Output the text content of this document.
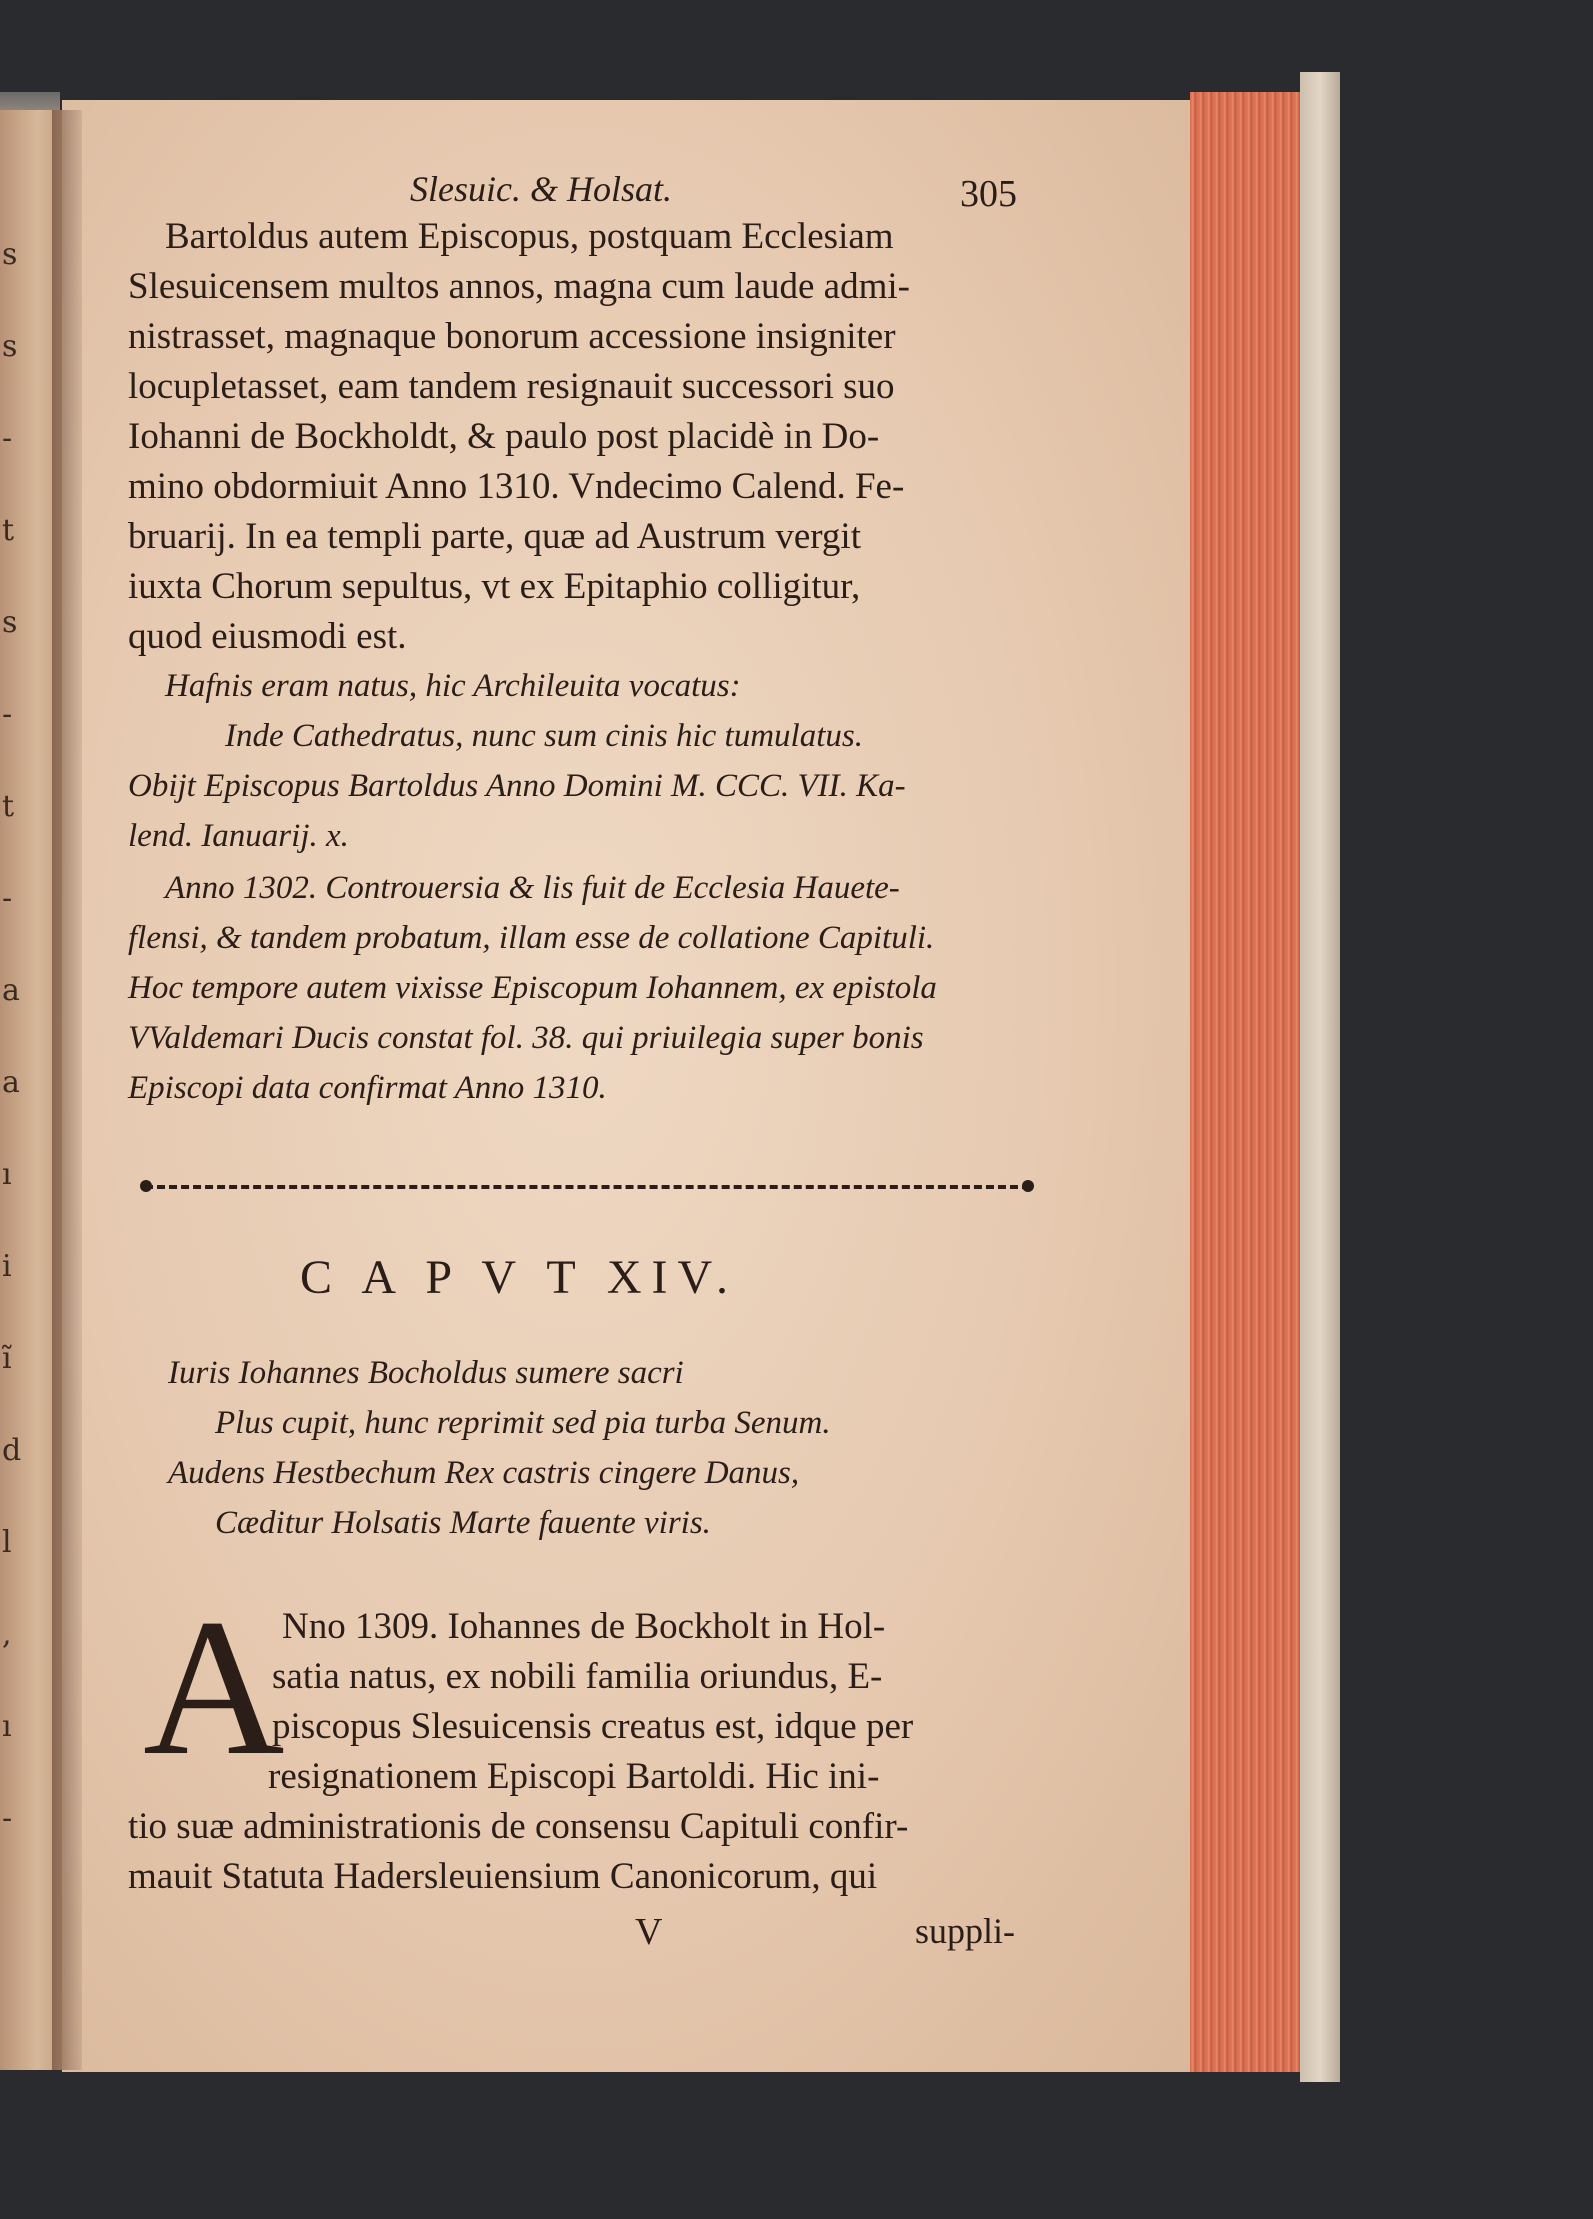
s
s
-
t
s
-
t
-
a
a
ı
i
ĩ
d
l
,
ı
-
Slesuic. & Holsat.	305
Bartoldus autem Episcopus, postquam Ecclesiam
Slesuicensem multos annos, magna cum laude admi-
nistrasset, magnaque bonorum accessione insigniter
locupletasset, eam tandem resignauit successori suo
Iohanni de Bockholdt, & paulo post placidè in Do-
mino obdormiuit Anno 1310. Vndecimo Calend. Fe-
bruarij. In ea templi parte, quæ ad Austrum vergit
iuxta Chorum sepultus, vt ex Epitaphio colligitur,
quod eiusmodi est.
Hafnis eram natus, hic Archileuita vocatus:
Inde Cathedratus, nunc sum cinis hic tumulatus.
Obijt Episcopus Bartoldus Anno Domini M. CCC. VII. Ka-
lend. Ianuarij. x.
Anno 1302. Controuersia & lis fuit de Ecclesia Hauete-
flensi, & tandem probatum, illam esse de collatione Capituli.
Hoc tempore autem vixisse Episcopum Iohannem, ex epistola
VValdemari Ducis constat fol. 38. qui priuilegia super bonis
Episcopi data confirmat Anno 1310.
C A P V T XIV.
Iuris Iohannes Bocholdus sumere sacri
Plus cupit, hunc reprimit sed pia turba Senum.
Audens Hestbechum Rex castris cingere Danus,
Cæditur Holsatis Marte fauente viris.
A
Nno 1309. Iohannes de Bockholt in Hol-
satia natus, ex nobili familia oriundus, E-
piscopus Slesuicensis creatus est, idque per
resignationem Episcopi Bartoldi. Hic ini-
tio suæ administrationis de consensu Capituli confir-
mauit Statuta Hadersleuiensium Canonicorum, qui
V	suppli-
